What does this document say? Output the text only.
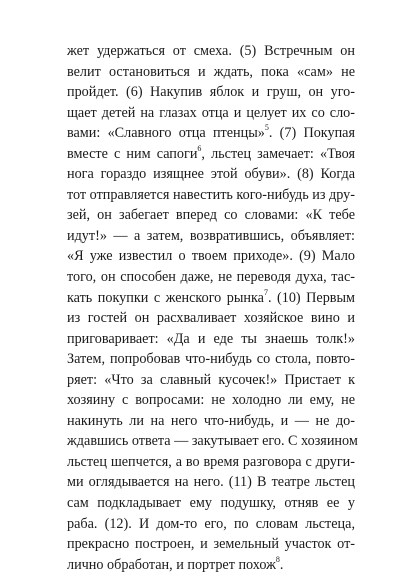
жет удержаться от смеха. (5) Встречным он
велит остановиться и ждать, пока «сам» не
пройдет. (6) Накупив яблок и груш, он уго-
щает детей на глазах отца и целует их со сло-
вами: «Славного отца птенцы»$^5$. (7) Покупая
вместе с ним сапоги$^6$, льстец замечает: «Твоя
нога гораздо изящнее этой обуви». (8) Когда
тот отправляется навестить кого-нибудь из дру-
зей, он забегает вперед со словами: «К тебе
идут!» — а затем, возвратившись, объявляет:
«Я уже известил о твоем приходе». (9) Мало
того, он способен даже, не переводя духа, тас-
кать покупки с женского рынка$^7$. (10) Первым
из гостей он расхваливает хозяйское вино и
приговаривает: «Да и еде ты знаешь толк!»
Затем, попробовав что-нибудь со стола, повто-
ряет: «Что за славный кусочек!» Пристает к
хозяину с вопросами: не холодно ли ему, не
накинуть ли на него что-нибудь, и — не до-
ждавшись ответа — закутывает его. С хозяином
льстец шепчется, а во время разговора с други-
ми оглядывается на него. (11) В театре льстец
сам подкладывает ему подушку, отняв ее у
раба. (12). И дом-то его, по словам льстеца,
прекрасно построен, и земельный участок от-
лично обработан, и портрет похож$^8$.
